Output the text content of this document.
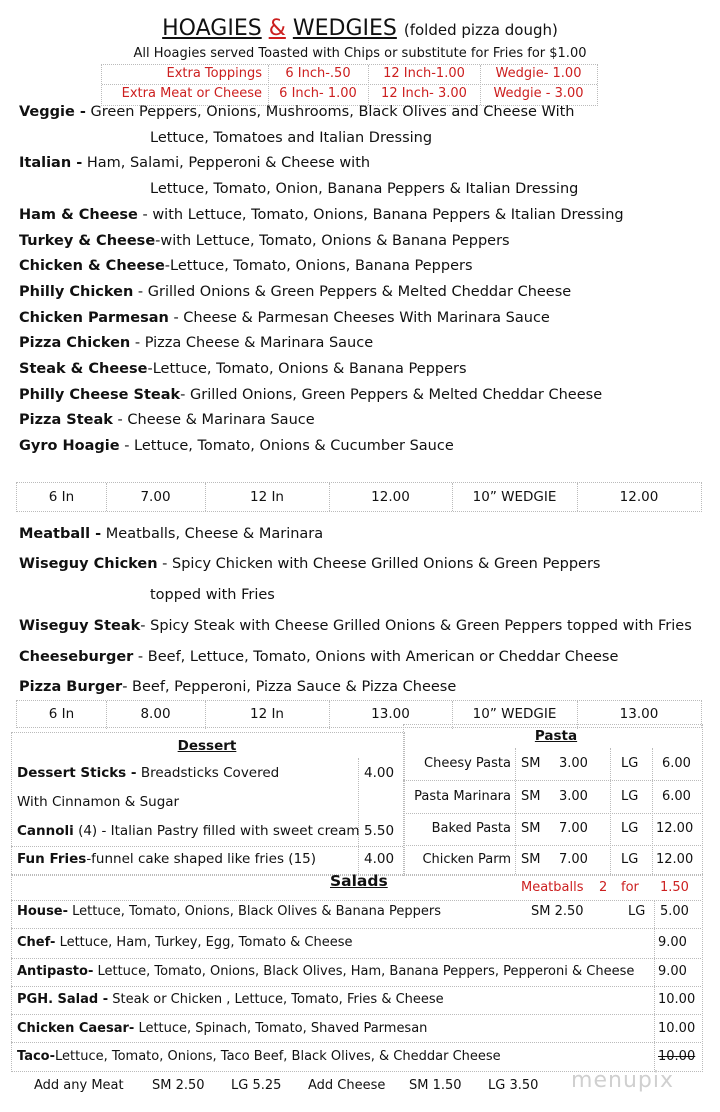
HOAGIES & WEDGIES (folded pizza dough)
All Hoagies served Toasted with Chips or substitute for Fries for $1.00
Extra Toppings	6 Inch-.50	12 Inch-1.00	Wedgie- 1.00
Extra Meat or Cheese	6 Inch- 1.00	12 Inch- 3.00	Wedgie - 3.00
Veggie - Green Peppers, Onions, Mushrooms, Black Olives and Cheese With
Lettuce, Tomatoes and Italian Dressing
Italian - Ham, Salami, Pepperoni & Cheese with
Lettuce, Tomato, Onion, Banana Peppers & Italian Dressing
Ham & Cheese - with Lettuce, Tomato, Onions, Banana Peppers & Italian Dressing
Turkey & Cheese-with Lettuce, Tomato, Onions & Banana Peppers
Chicken & Cheese-Lettuce, Tomato, Onions, Banana Peppers
Philly Chicken - Grilled Onions & Green Peppers & Melted Cheddar Cheese
Chicken Parmesan - Cheese & Parmesan Cheeses With Marinara Sauce
Pizza Chicken - Pizza Cheese & Marinara Sauce
Steak & Cheese-Lettuce, Tomato, Onions & Banana Peppers
Philly Cheese Steak- Grilled Onions, Green Peppers & Melted Cheddar Cheese
Pizza Steak - Cheese & Marinara Sauce
Gyro Hoagie - Lettuce, Tomato, Onions & Cucumber Sauce
6 In	7.00	12 In	12.00	10” WEDGIE	12.00
Meatball - Meatballs, Cheese & Marinara
Wiseguy Chicken - Spicy Chicken with Cheese Grilled Onions & Green Peppers
topped with Fries
Wiseguy Steak- Spicy Steak with Cheese Grilled Onions & Green Peppers topped with Fries
Cheeseburger - Beef, Lettuce, Tomato, Onions with American or Cheddar Cheese
Pizza Burger- Beef, Pepperoni, Pizza Sauce & Pizza Cheese
6 In	8.00	12 In	13.00	10” WEDGIE	13.00
Dessert
Dessert Sticks - Breadsticks Covered	4.00
With Cinnamon & Sugar
Cannoli (4) - Italian Pastry filled with sweet cream 5.50
Fun Fries-funnel cake shaped like fries (15)	4.00
Pasta
Cheesy Pasta SM 3.00	LG 6.00
Pasta Marinara SM 3.00	LG 6.00
Baked Pasta SM 7.00	LG 12.00
Chicken Parm SM 7.00	LG 12.00
Salads	Meatballs 2 for 1.50
House- Lettuce, Tomato, Onions, Black Olives & Banana Peppers	SM 2.50	LG 5.00
Chef- Lettuce, Ham, Turkey, Egg, Tomato & Cheese	9.00
Antipasto- Lettuce, Tomato, Onions, Black Olives, Ham, Banana Peppers, Pepperoni & Cheese 9.00
PGH. Salad - Steak or Chicken , Lettuce, Tomato, Fries & Cheese	10.00
Chicken Caesar- Lettuce, Spinach, Tomato, Shaved Parmesan	10.00
Taco-Lettuce, Tomato, Onions, Taco Beef, Black Olives, & Cheddar Cheese	10.00
Add any Meat SM 2.50 LG 5.25 Add Cheese SM 1.50 LG 3.50 menupix
